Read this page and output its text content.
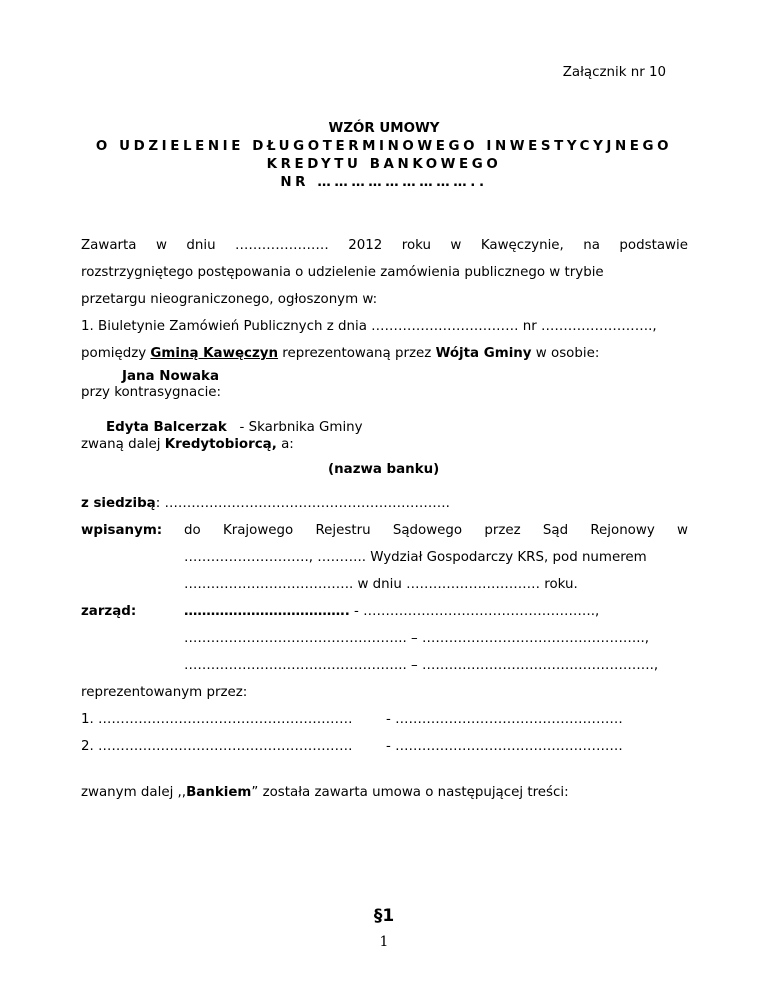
Załącznik nr 10
WZÓR UMOWY
O UDZIELENIE DŁUGOTERMINOWEGO INWESTYCYJNEGO
KREDYTU BANKOWEGO
NR ………………………..
Zawarta w dniu ………………… 2012 roku w Kawęczynie, na podstawie
rozstrzygniętego postępowania o udzielenie zamówienia publicznego w trybie
przetargu nieograniczonego, ogłoszonym w:
1. Biuletynie Zamówień Publicznych z dnia …………………………… nr …………………….,
pomiędzy Gminą Kawęczyn reprezentowaną przez Wójta Gminy w osobie:
Jana Nowaka
przy kontrasygnacie:
Edyta Balcerzak   - Skarbnika Gminy
zwaną dalej Kredytobiorcą, a:
(nazwa banku)
z siedzibą: ……………………………………………………….
wpisanym: do Krajowego Rejestru Sądowego przez Sąd Rejonowy w
………………………., ……….. Wydział Gospodarczy KRS, pod numerem
……………………………….. w dniu ………………………… roku.
zarząd:	………………………………. - …………………………………………….,
………………………………………….. – …………………………………………..,
………………………………………….. – …………………………………………….,
reprezentowanym przez:
1. …………………………………………………	- ……………………………………………
2. …………………………………………………	- ……………………………………………
zwanym dalej ,,Bankiem” została zawarta umowa o następującej treści:
§1
1
